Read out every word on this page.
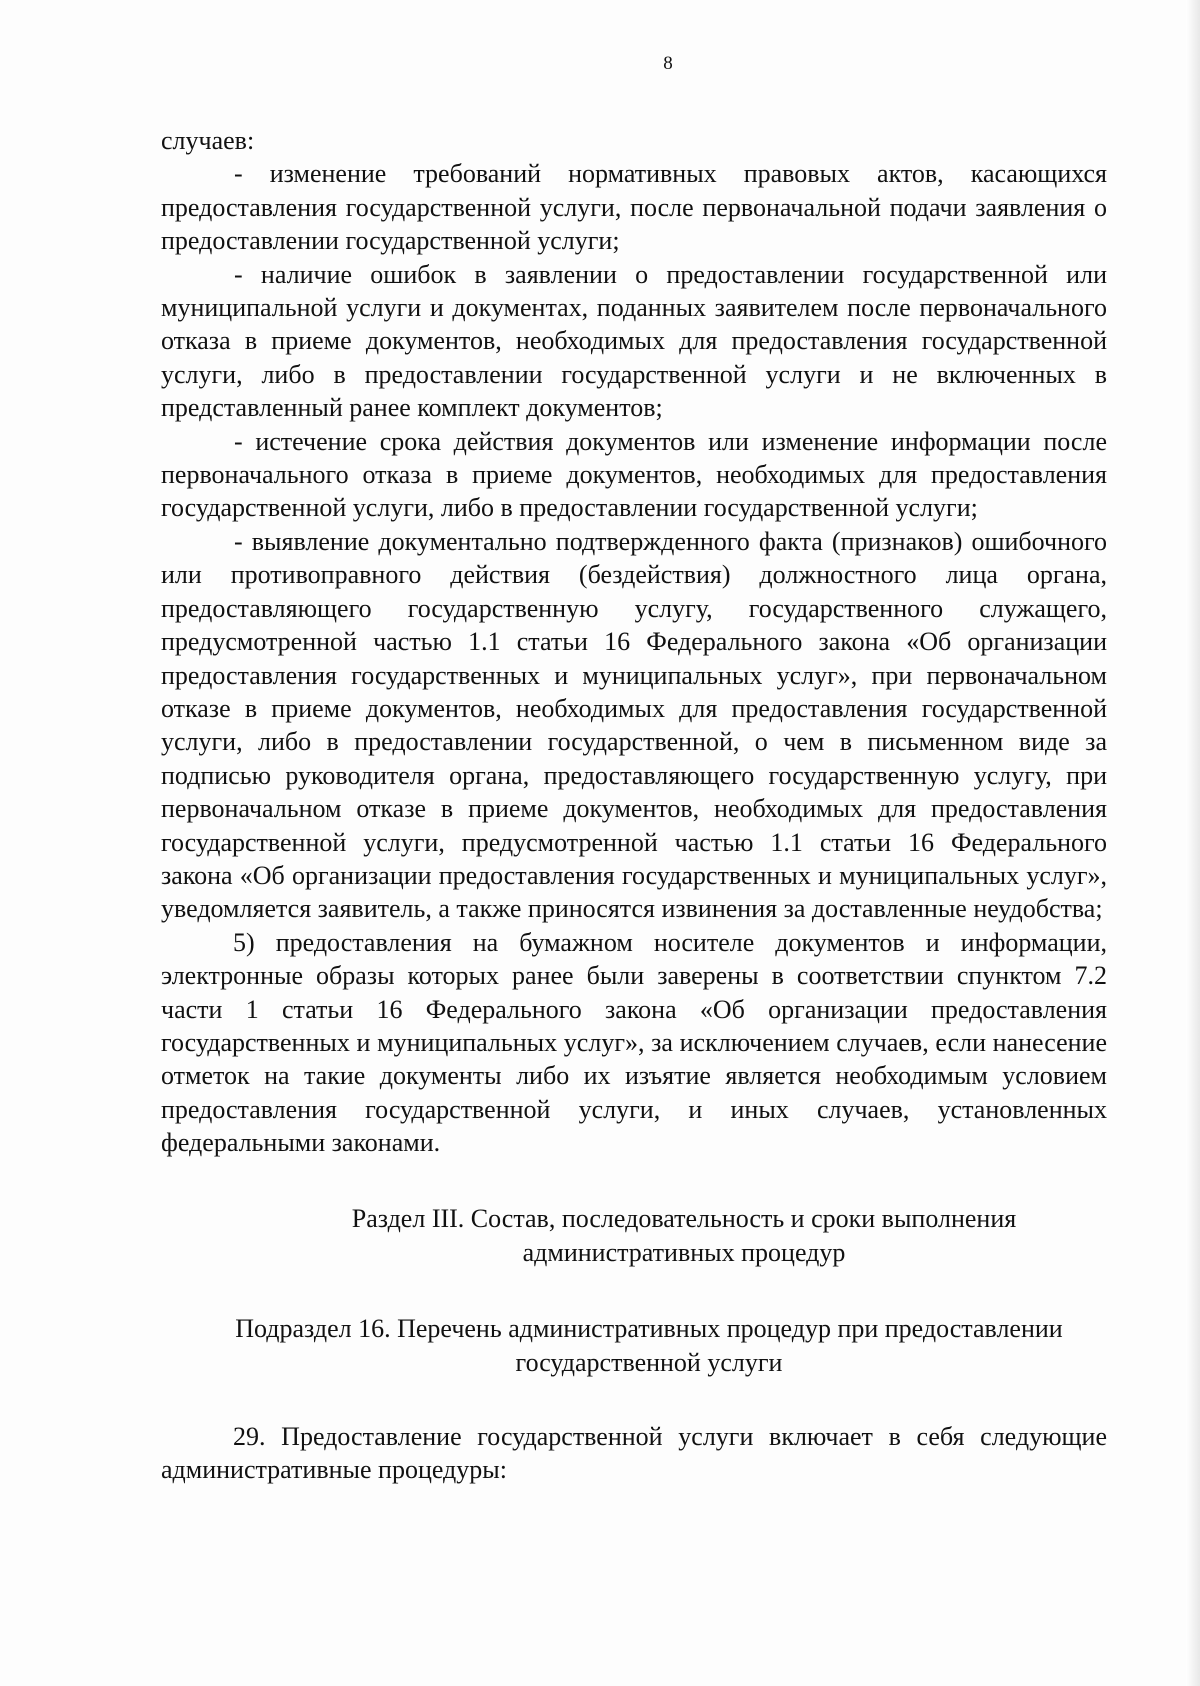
8

случаев:

- изменение требований нормативных правовых актов, касающихся предоставления государственной услуги, после первоначальной подачи заявления о предоставлении государственной услуги;

- наличие ошибок в заявлении о предоставлении государственной или муниципальной услуги и документах, поданных заявителем после первоначального отказа в приеме документов, необходимых для предоставления государственной услуги, либо в предоставлении государственной услуги и не включенных в представленный ранее комплект документов;

- истечение срока действия документов или изменение информации после первоначального отказа в приеме документов, необходимых для предоставления государственной услуги, либо в предоставлении государственной услуги;

- выявление документально подтвержденного факта (признаков) ошибочного или противоправного действия (бездействия) должностного лица органа, предоставляющего государственную услугу, государственного служащего, предусмотренной частью 1.1 статьи 16 Федерального закона «Об организации предоставления государственных и муниципальных услуг», при первоначальном отказе в приеме документов, необходимых для предоставления государственной услуги, либо в предоставлении государственной, о чем в письменном виде за подписью руководителя органа, предоставляющего государственную услугу, при первоначальном отказе в приеме документов, необходимых для предоставления государственной услуги, предусмотренной частью 1.1 статьи 16 Федерального закона «Об организации предоставления государственных и муниципальных услуг», уведомляется заявитель, а также приносятся извинения за доставленные неудобства;

5) предоставления на бумажном носителе документов и информации, электронные образы которых ранее были заверены в соответствии спунктом 7.2 части 1 статьи 16 Федерального закона «Об организации предоставления государственных и муниципальных услуг», за исключением случаев, если нанесение отметок на такие документы либо их изъятие является необходимым условием предоставления государственной услуги, и иных случаев, установленных федеральными законами.

Раздел III. Состав, последовательность и сроки выполнения
административных процедур
Подраздел 16. Перечень административных процедур при предоставлении
государственной услуги

29. Предоставление государственной услуги включает в себя следующие административные процедуры:
